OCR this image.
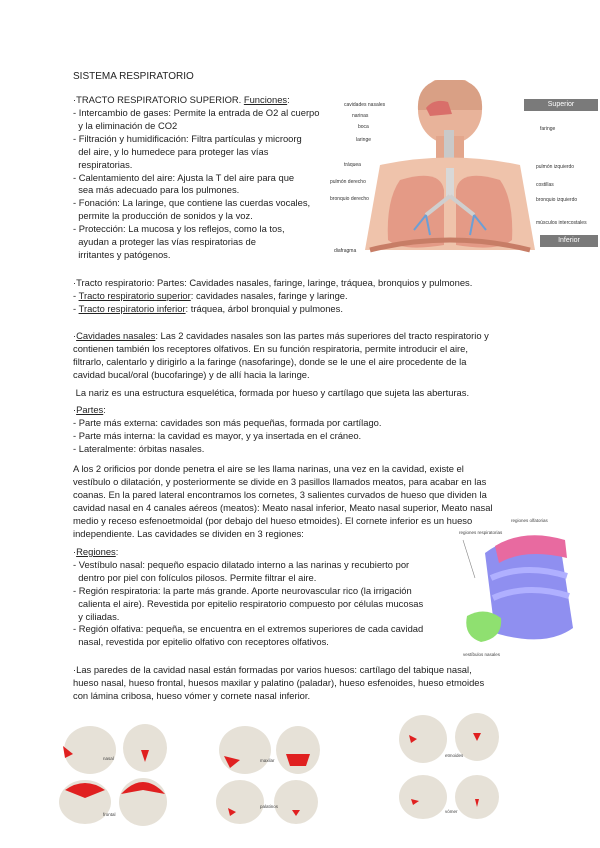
SISTEMA RESPIRATORIO
·TRACTO RESPIRATORIO SUPERIOR. Funciones:
- Intercambio de gases: Permite la entrada de O2 al cuerpo
y la eliminación de CO2
- Filtración y humidificación: Filtra partículas y microorg
del aire, y lo humedece para proteger las vías
respiratorias.
- Calentamiento del aire: Ajusta la T del aire para que
sea más adecuado para los pulmones.
- Fonación: La laringe, que contiene las cuerdas vocales,
permite la producción de sonidos y la voz.
- Protección: La mucosa y los reflejos, como la tos,
ayudan a proteger las vías respiratorias de
irritantes y patógenos.
Superior
Inferior
cavidades nasales
narinas
boca
laringe
tráquea
pulmón derecho
bronquio derecho
diafragma
faringe
pulmón izquierdo
costillas
bronquio izquierdo
músculos intercostales
·Tracto respiratorio: Partes: Cavidades nasales, faringe, laringe, tráquea, bronquios y pulmones.
- Tracto respiratorio superior: cavidades nasales, faringe y laringe.
- Tracto respiratorio inferior: tráquea, árbol bronquial y pulmones.
·Cavidades nasales: Las 2 cavidades nasales son las partes más superiores del tracto respiratorio y
contienen también los receptores olfativos. En su función respiratoria, permite introducir el aire,
filtrarlo, calentarlo y dirigirlo a la faringe (nasofaringe), donde se le une el aire procedente de la
cavidad bucal/oral (bucofaringe) y de allí hacia la laringe.
La nariz es una estructura esquelética, formada por hueso y cartílago que sujeta las aberturas.
·Partes:
- Parte más externa: cavidades son más pequeñas, formada por cartílago.
- Parte más interna: la cavidad es mayor, y ya insertada en el cráneo.
- Lateralmente: órbitas nasales.
A los 2 orificios por donde penetra el aire se les llama narinas, una vez en la cavidad, existe el
vestíbulo o dilatación, y posteriormente se divide en 3 pasillos llamados meatos, para acabar en las
coanas. En la pared lateral encontramos los cornetes, 3 salientes curvados de hueso que dividen la
cavidad nasal en 4 canales aéreos (meatos): Meato nasal inferior, Meato nasal superior, Meato nasal
medio y receso esfenoetmoidal (por debajo del hueso etmoides). El cornete inferior es un hueso
independiente. Las cavidades se dividen en 3 regiones:
·Regiones:
- Vestíbulo nasal: pequeño espacio dilatado interno a las narinas y recubierto por
dentro por piel con folículos pilosos. Permite filtrar el aire.
- Región respiratoria: la parte más grande. Aporte neurovascular rico (la irrigación
calienta el aire). Revestida por epitelio respiratorio compuesto por células mucosas
y ciliadas.
- Región olfativa: pequeña, se encuentra en el extremos superiores de cada cavidad
nasal, revestida por epitelio olfativo con receptores olfativos.
regiones olfatorias
regiones respiratorias
vestíbulos nasales
·Las paredes de la cavidad nasal están formadas por varios huesos: cartílago del tabique nasal,
hueso nasal, hueso frontal, huesos maxilar y palatino (paladar), hueso esfenoides, hueso etmoides
con lámina cribosa, hueso vómer y cornete nasal inferior.
nasal
frontal
maxilar
palatinos
etmoides
vómer
